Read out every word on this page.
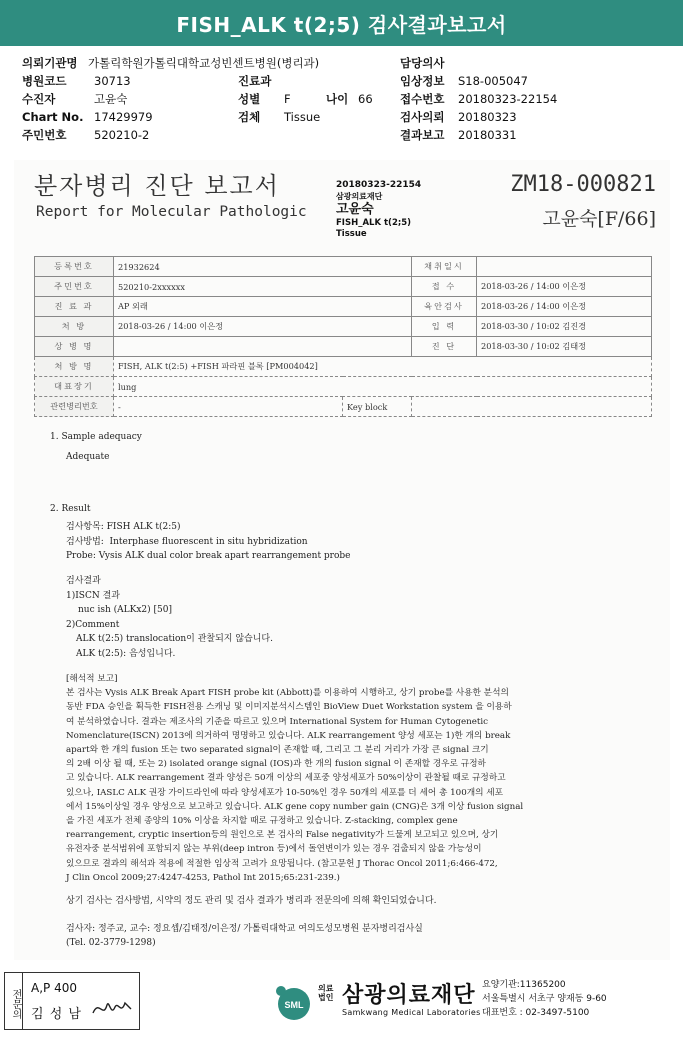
FISH_ALK t(2;5) 검사결과보고서
의뢰기관명 가톨릭학원가톨릭대학교성빈센트병원(병리과)
병원코드 30713
수진자	고윤숙
Chart No. 17429979
주민번호 520210-2
진료과
성별 F	나이 66
검체 Tissue
담당의사
임상정보 S18-005047
접수번호 20180323-22154
검사의뢰 20180323
결과보고 20180331
분자병리 진단 보고서
Report for Molecular Pathologic
20180323-22154
삼광의료재단
고윤숙
FISH_ALK t(2;5)
Tissue
ZM18-000821
고윤숙[F/66]
등록번호	21932624		채취일시	
주민번호	520210-2xxxxxx		접 수	2018-03-26 / 14:00 이은정
진 료 과	AP 외래		육안검사	2018-03-26 / 14:00 이은정
처 방	2018-03-26 / 14:00 이은정		입 력	2018-03-30 / 10:02 김진경
상 병 명			진 단	2018-03-30 / 10:02 김태정
처 방 명	FISH, ALK t(2:5) +FISH 파라핀 블록 [PM004042]			
대표장기	lung			
관련병리번호	-	Key block		
1. Sample adequacy
Adequate
2. Result
검사항목: FISH ALK t(2:5)
검사방법:  Interphase fluorescent in situ hybridization
Probe: Vysis ALK dual color break apart rearrangement probe
검사결과
1)ISCN 결과
nuc ish (ALKx2) [50]
2)Comment
ALK t(2:5) translocation이 관찰되지 않습니다.
ALK t(2:5): 음성입니다.
[해석적 보고]
본 검사는 Vysis ALK Break Apart FISH probe kit (Abbott)를 이용하여 시행하고, 상기 probe를 사용한 분석의
동반 FDA 승인을 획득한 FISH전용 스캐닝 및 이미지분석시스템인 BioView Duet Workstation system 을 이용하
여 분석하였습니다. 결과는 제조사의 기준을 따르고 있으며 International System for Human Cytogenetic
Nomenclature(ISCN) 2013에 의거하여 명명하고 있습니다. ALK rearrangement 양성 세포는 1)한 개의 break
apart와 한 개의 fusion 또는 two separated signal이 존재할 때, 그리고 그 분리 거리가 가장 큰 signal 크기
의 2배 이상 될 때, 또는 2) isolated orange signal (IOS)과 한 개의 fusion signal 이 존재할 경우로 규정하
고 있습니다. ALK rearrangement 결과 양성은 50개 이상의 세포중 양성세포가 50%이상이 관찰될 때로 규정하고
있으나, IASLC ALK 권장 가이드라인에 따라 양성세포가 10-50%인 경우 50개의 세포를 더 세어 총 100개의 세포
에서 15%이상일 경우 양성으로 보고하고 있습니다. ALK gene copy number gain (CNG)은 3개 이상 fusion signal
을 가진 세포가 전체 종양의 10% 이상을 차지할 때로 규정하고 있습니다. Z-stacking, complex gene
rearrangement, cryptic insertion등의 원인으로 본 검사의 False negativity가 드물게 보고되고 있으며, 상기
유전자중 분석범위에 포함되지 않는 부위(deep intron 등)에서 돌연변이가 있는 경우 검출되지 않을 가능성이
있으므로 결과의 해석과 적용에 적절한 임상적 고려가 요망됩니다. (참고문헌 J Thorac Oncol 2011;6:466-472,
J Clin Oncol 2009;27:4247-4253, Pathol Int 2015;65:231-239.)
상기 검사는 검사방법, 시약의 정도 관리 및 검사 결과가 병리과 전문의에 의해 확인되었습니다.
검사자: 정주교, 교수: 정요셉/김태정/이은정/ 가톨릭대학교 여의도성모병원 분자병리검사실
(Tel. 02-3779-1298)
전문의
A,P 400
김 성 남
SML
의료법인 삼광의료재단
Samkwang Medical Laboratories
요양기관:11365200
서울특별시 서초구 양재동 9-60
대표번호 : 02-3497-5100
